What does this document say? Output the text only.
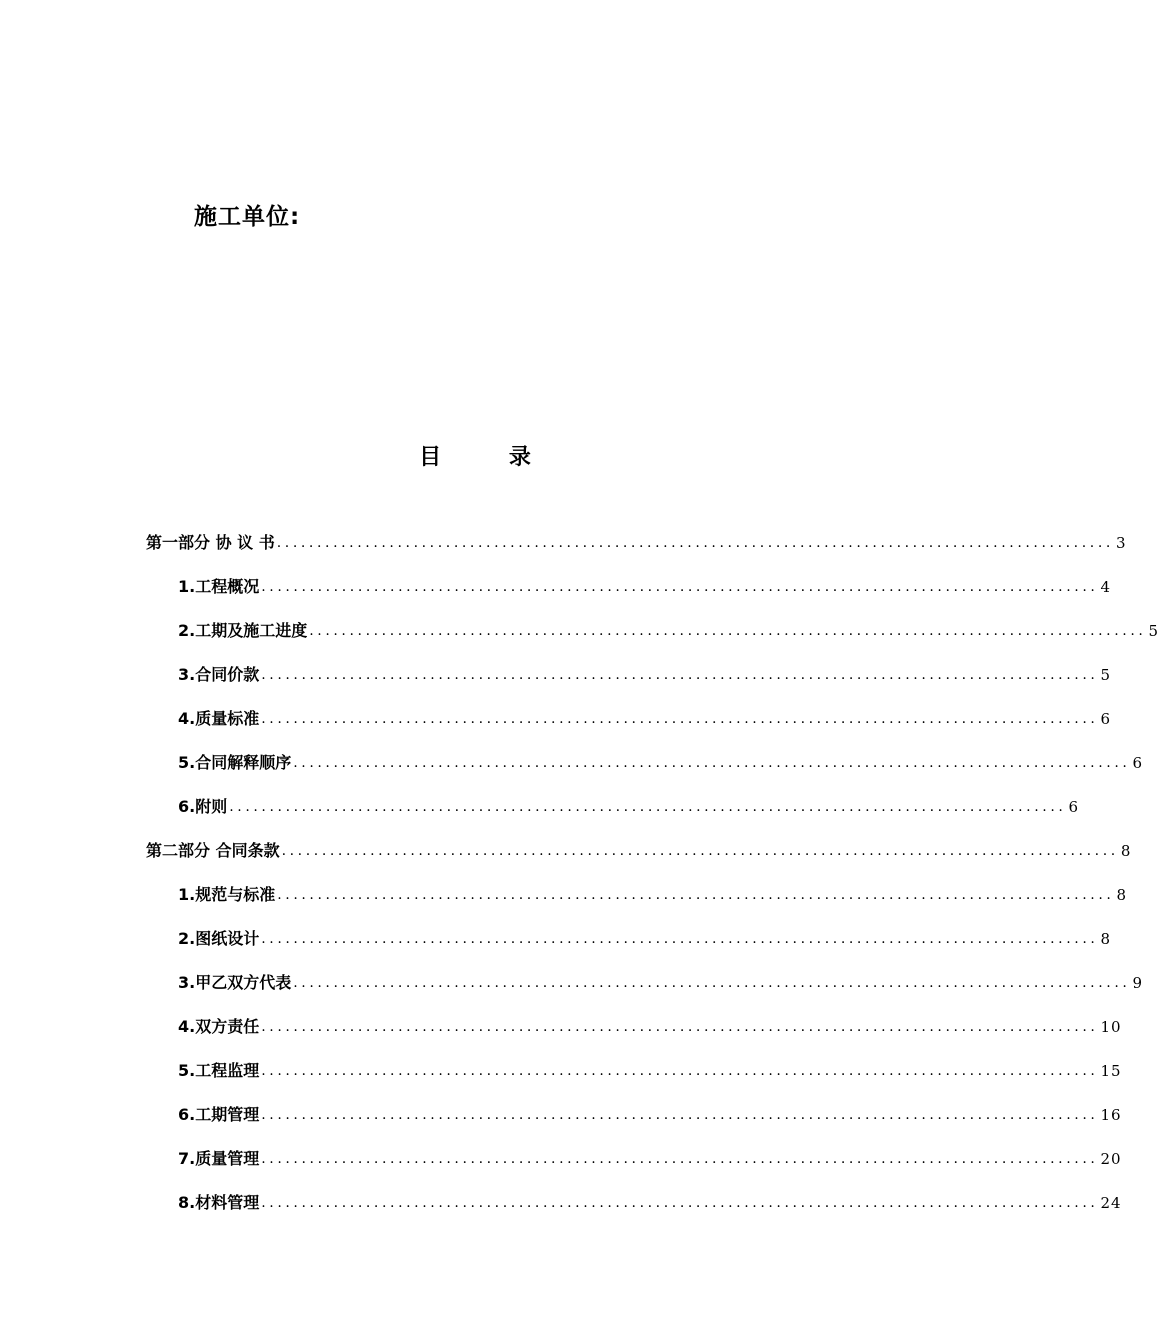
施工单位:
目 录
第一部分 协 议 书 ........................................................................................................ 3
1.工程概况 ........................................................................................................ 4
2.工期及施工进度 ........................................................................................................ 5
3.合同价款 ........................................................................................................ 5
4.质量标准 ........................................................................................................ 6
5.合同解释顺序 ........................................................................................................ 6
6.附则 ........................................................................................................ 6
第二部分 合同条款 ........................................................................................................ 8
1.规范与标准 ........................................................................................................ 8
2.图纸设计 ........................................................................................................ 8
3.甲乙双方代表 ........................................................................................................ 9
4.双方责任 ........................................................................................................ 10
5.工程监理 ........................................................................................................ 15
6.工期管理 ........................................................................................................ 16
7.质量管理 ........................................................................................................ 20
8.材料管理 ........................................................................................................ 24
